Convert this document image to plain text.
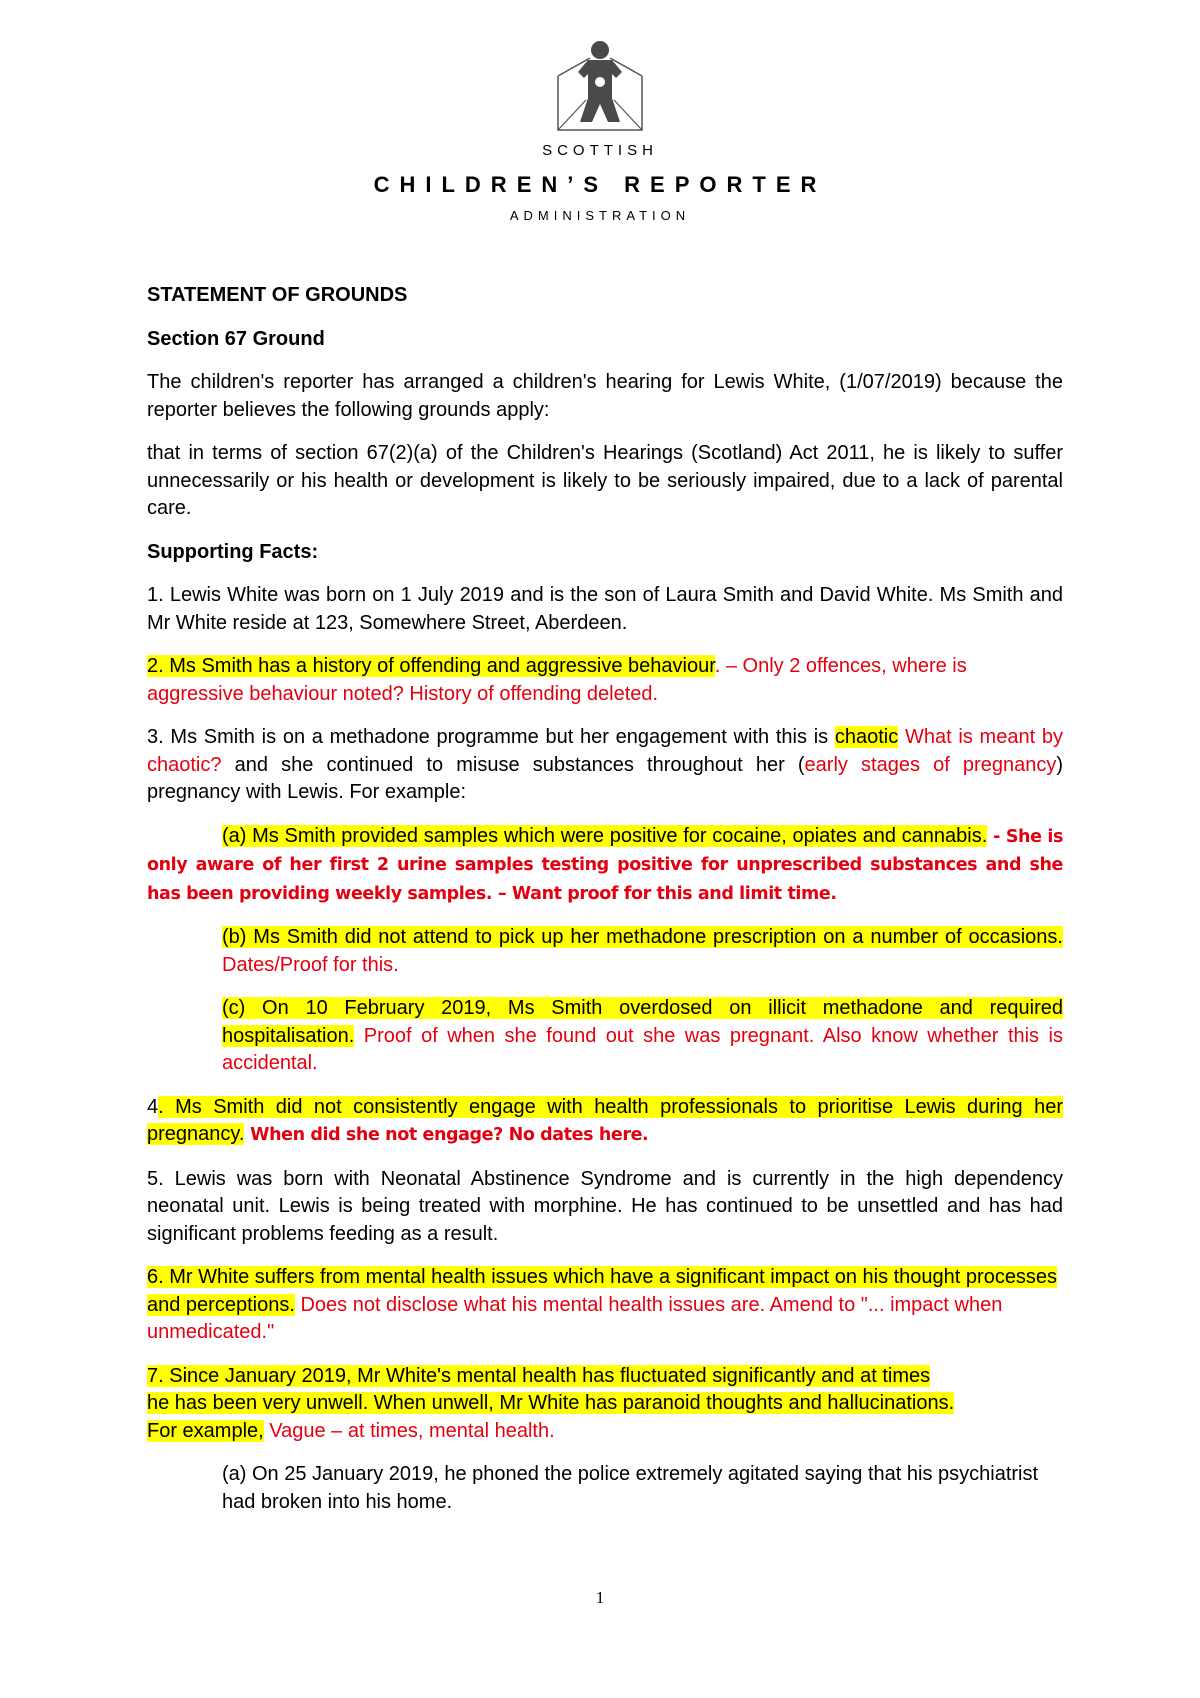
SCOTTISH
CHILDREN’S REPORTER
ADMINISTRATION
STATEMENT OF GROUNDS
Section 67 Ground

The children's reporter has arranged a children's hearing for Lewis White, (1/07/2019) because the reporter believes the following grounds apply:

that in terms of section 67(2)(a) of the Children's Hearings (Scotland) Act 2011, he is likely to suffer unnecessarily or his health or development is likely to be seriously impaired, due to a lack of parental care.

Supporting Facts:

1. Lewis White was born on 1 July 2019 and is the son of Laura Smith and David White. Ms Smith and Mr White reside at 123, Somewhere Street, Aberdeen.

2. Ms Smith has a history of offending and aggressive behaviour. – Only 2 offences, where is aggressive behaviour noted? History of offending deleted.

3. Ms Smith is on a methadone programme but her engagement with this is chaotic What is meant by chaotic? and she continued to misuse substances throughout her (early stages of pregnancy) pregnancy with Lewis. For example:

(a) Ms Smith provided samples which were positive for cocaine, opiates and cannabis. - She is only aware of her first 2 urine samples testing positive for unprescribed substances and she has been providing weekly samples. – Want proof for this and limit time.

(b) Ms Smith did not attend to pick up her methadone prescription on a number of occasions. Dates/Proof for this.

(c) On 10 February 2019, Ms Smith overdosed on illicit methadone and required hospitalisation. Proof of when she found out she was pregnant. Also know whether this is accidental.

4. Ms Smith did not consistently engage with health professionals to prioritise Lewis during her pregnancy. When did she not engage? No dates here.

5. Lewis was born with Neonatal Abstinence Syndrome and is currently in the high dependency neonatal unit. Lewis is being treated with morphine. He has continued to be unsettled and has had significant problems feeding as a result.

6. Mr White suffers from mental health issues which have a significant impact on his thought processes and perceptions. Does not disclose what his mental health issues are. Amend to "... impact when unmedicated."

7. Since January 2019, Mr White's mental health has fluctuated significantly and at times
he has been very unwell. When unwell, Mr White has paranoid thoughts and hallucinations.
For example, Vague – at times, mental health.

(a) On 25 January 2019, he phoned the police extremely agitated saying that his psychiatrist had broken into his home.

1
